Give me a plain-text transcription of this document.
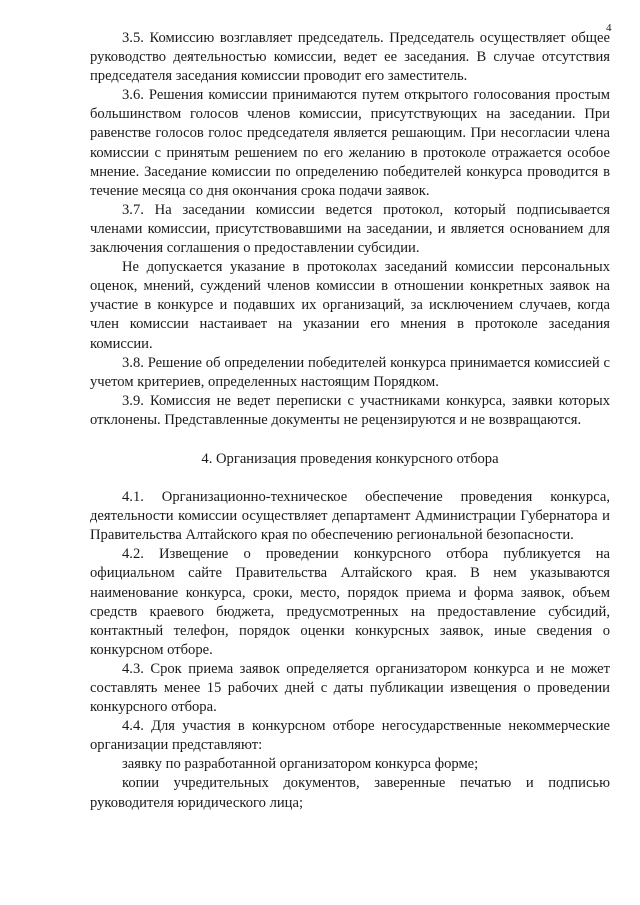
4

3.5. Комиссию возглавляет председатель. Председатель осуществляет общее руководство деятельностью комиссии, ведет ее заседания. В случае отсутствия председателя заседания комиссии проводит его заместитель.

3.6. Решения комиссии принимаются путем открытого голосования простым большинством голосов членов комиссии, присутствующих на заседании. При равенстве голосов голос председателя является решающим. При несогласии члена комиссии с принятым решением по его желанию в протоколе отражается особое мнение. Заседание комиссии по определению победителей конкурса проводится в течение месяца со дня окончания срока подачи заявок.

3.7. На заседании комиссии ведется протокол, который подписывается членами комиссии, присутствовавшими на заседании, и является основанием для заключения соглашения о предоставлении субсидии.

Не допускается указание в протоколах заседаний комиссии персональных оценок, мнений, суждений членов комиссии в отношении конкретных заявок на участие в конкурсе и подавших их организаций, за исключением случаев, когда член комиссии настаивает на указании его мнения в протоколе заседания комиссии.

3.8. Решение об определении победителей конкурса принимается комиссией с учетом критериев, определенных настоящим Порядком.

3.9. Комиссия не ведет переписки с участниками конкурса, заявки которых отклонены. Представленные документы не рецензируются и не возвращаются.

4. Организация проведения конкурсного отбора

4.1. Организационно-техническое обеспечение проведения конкурса, деятельности комиссии осуществляет департамент Администрации Губернатора и Правительства Алтайского края по обеспечению региональной безопасности.

4.2. Извещение о проведении конкурсного отбора публикуется на официальном сайте Правительства Алтайского края. В нем указываются наименование конкурса, сроки, место, порядок приема и форма заявок, объем средств краевого бюджета, предусмотренных на предоставление субсидий, контактный телефон, порядок оценки конкурсных заявок, иные сведения о конкурсном отборе.

4.3. Срок приема заявок определяется организатором конкурса и не может составлять менее 15 рабочих дней с даты публикации извещения о проведении конкурсного отбора.

4.4. Для участия в конкурсном отборе негосударственные некоммерческие организации представляют:

заявку по разработанной организатором конкурса форме;

копии учредительных документов, заверенные печатью и подписью руководителя юридического лица;
